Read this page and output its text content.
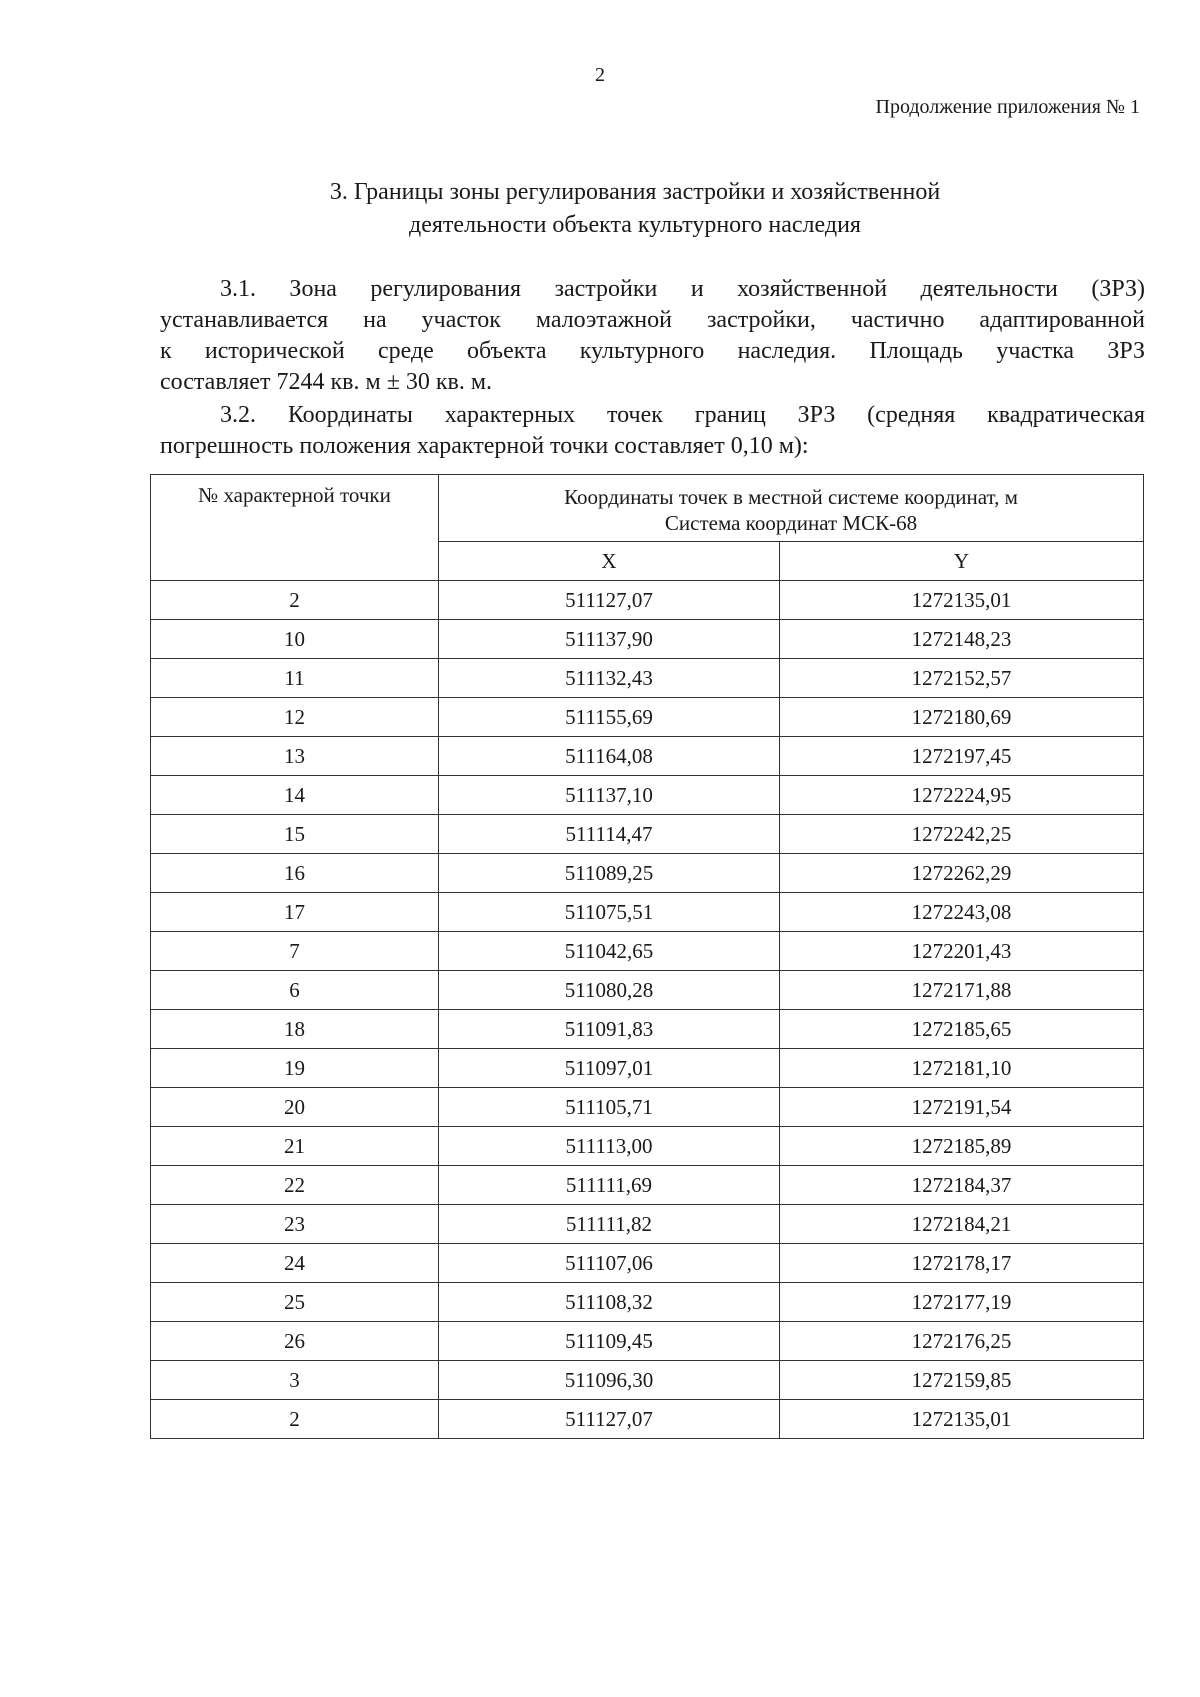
2
Продолжение приложения № 1
3. Границы зоны регулирования застройки и хозяйственной
деятельности объекта культурного наследия
3.1. Зона регулирования застройки и хозяйственной деятельности (ЗРЗ)
устанавливается на участок малоэтажной застройки, частично адаптированной
к исторической среде объекта культурного наследия. Площадь участка ЗРЗ
составляет 7244 кв. м ± 30 кв. м.
3.2. Координаты характерных точек границ ЗРЗ (средняя квадратическая
погрешность положения характерной точки составляет 0,10 м):
№ характерной точки	Координаты точек в местной системе координат, м
Система координат МСК-68	

	X	Y
2	511127,07	1272135,01
10	511137,90	1272148,23
11	511132,43	1272152,57
12	511155,69	1272180,69
13	511164,08	1272197,45
14	511137,10	1272224,95
15	511114,47	1272242,25
16	511089,25	1272262,29
17	511075,51	1272243,08
7	511042,65	1272201,43
6	511080,28	1272171,88
18	511091,83	1272185,65
19	511097,01	1272181,10
20	511105,71	1272191,54
21	511113,00	1272185,89
22	511111,69	1272184,37
23	511111,82	1272184,21
24	511107,06	1272178,17
25	511108,32	1272177,19
26	511109,45	1272176,25
3	511096,30	1272159,85
2	511127,07	1272135,01
